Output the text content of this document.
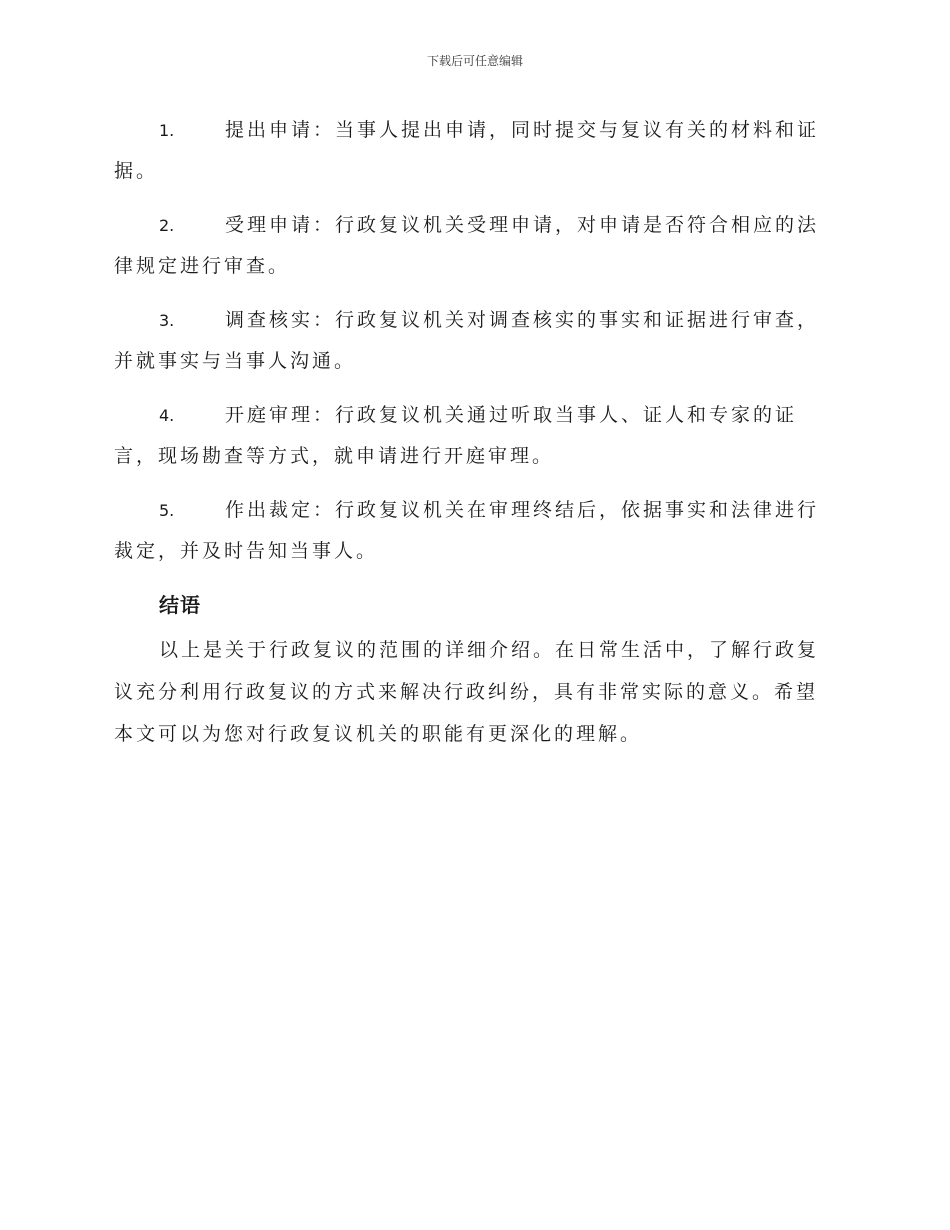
下载后可任意编辑
1.	提出申请：当事人提出申请，同时提交与复议有关的材料和证据。
2.	受理申请：行政复议机关受理申请，对申请是否符合相应的法律规定进行审查。
3.	调查核实：行政复议机关对调查核实的事实和证据进行审查，并就事实与当事人沟通。
4.	开庭审理：行政复议机关通过听取当事人、证人和专家的证言，现场勘查等方式，就申请进行开庭审理。
5.	作出裁定：行政复议机关在审理终结后，依据事实和法律进行裁定，并及时告知当事人。
结语

以上是关于行政复议的范围的详细介绍。在日常生活中，了解行政复议充分利用行政复议的方式来解决行政纠纷，具有非常实际的意义。希望本文可以为您对行政复议机关的职能有更深化的理解。
